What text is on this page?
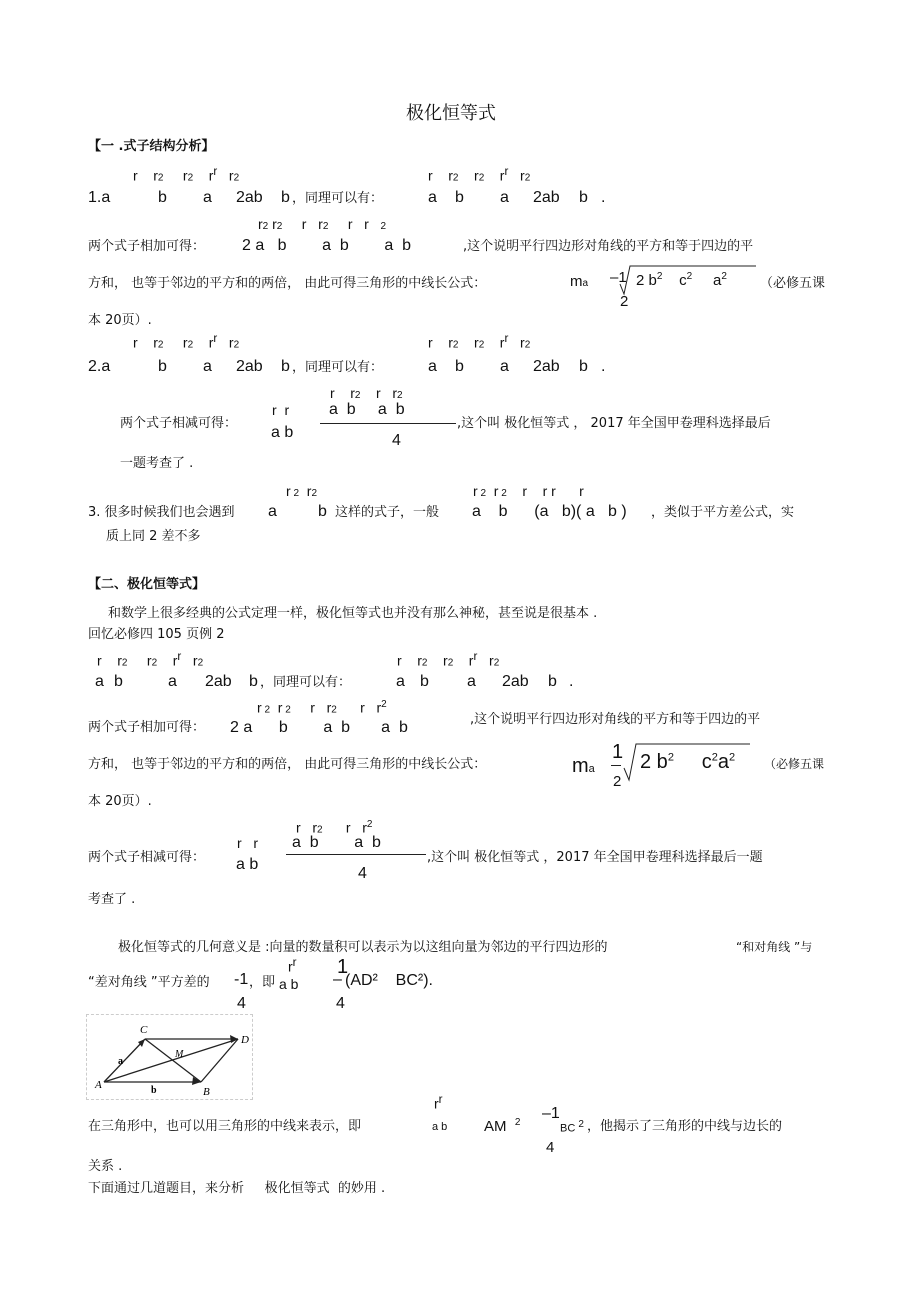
极化恒等式
【一 .式子结构分析】
r    r2     r2    $r^r$   r2	r    r2    r2    $r^r$   r2
1.a	b a 2ab b ，同理可以有：	a b a 2ab b .
r2 r2     r   r2     r   r   2
两个式子相加可得： 2 a b a b a b	,这个说明平行四边形对角线的平方和等于四边的平
方和， 也等于邻边的平方和的两倍， 由此可得三角形的中线长公式：	ma –1
2
2 $b^2$    $c^2$     $a^2$	（必修五课
本 20页）.
r    r2     r2    $r^r$   r2	r    r2    r2    $r^r$   r2
2.a	b a 2ab b ，同理可以有：	a b a 2ab b .
r    r2    r   r2
r  r a  b     a  b
两个式子相减可得：
a b	4
,这个叫 极化恒等式 ， 2017 年全国甲卷理科选择最后
一题考查了 .
r 2  r2	r 2  r 2    r    r r      r
3. 很多时候我们也会遇到 a	b 这样的式子，一般 a    b      (a   b)( a   b ) ，类似于平方差公式，实
质上同 2 差不多
【二、极化恒等式】
和数学上很多经典的公式定理一样，极化恒等式也并没有那么神秘，甚至说是很基本 .
回忆必修四 105 页例 2
r    r2     r2    $r^r$   r2	r    r2    r2    $r^r$   r2
a b	a 2ab b ，同理可以有：	a b a 2ab b .
r 2  r 2     r   r2      r   $r^2$
两个式子相加可得： 2 a      b        a  b       a  b	,这个说明平行四边形对角线的平方和等于四边的平
方和， 也等于邻边的平方和的两倍， 由此可得三角形的中线长公式：	ma
1
2
2 $b^2$     $c^2a^2$ （必修五课
本 20页）.
r   r2      r   $r^2$
r   r a  b        a  b
两个式子相减可得： a b
4
,这个叫 极化恒等式 ，2017 年全国甲卷理科选择最后一题
考查了 .
极化恒等式的几何意义是 :向量的数量积可以表示为以这组向量为邻边的平行四边形的	“和对角线 ”与
“差对角线 ”平方差的 -1
4
，即
$r^r$
a b
1
–
4
(AD²    BC²).
C
D
M
a
A	b	B
在三角形中，也可以用三角形的中线来表示，即
$r^r$
a b AM  $^2$
–1
4
BC $^2$ ，他揭示了三角形的中线与边长的
关系 .
下面通过几道题目，来分析     极化恒等式  的妙用 .
